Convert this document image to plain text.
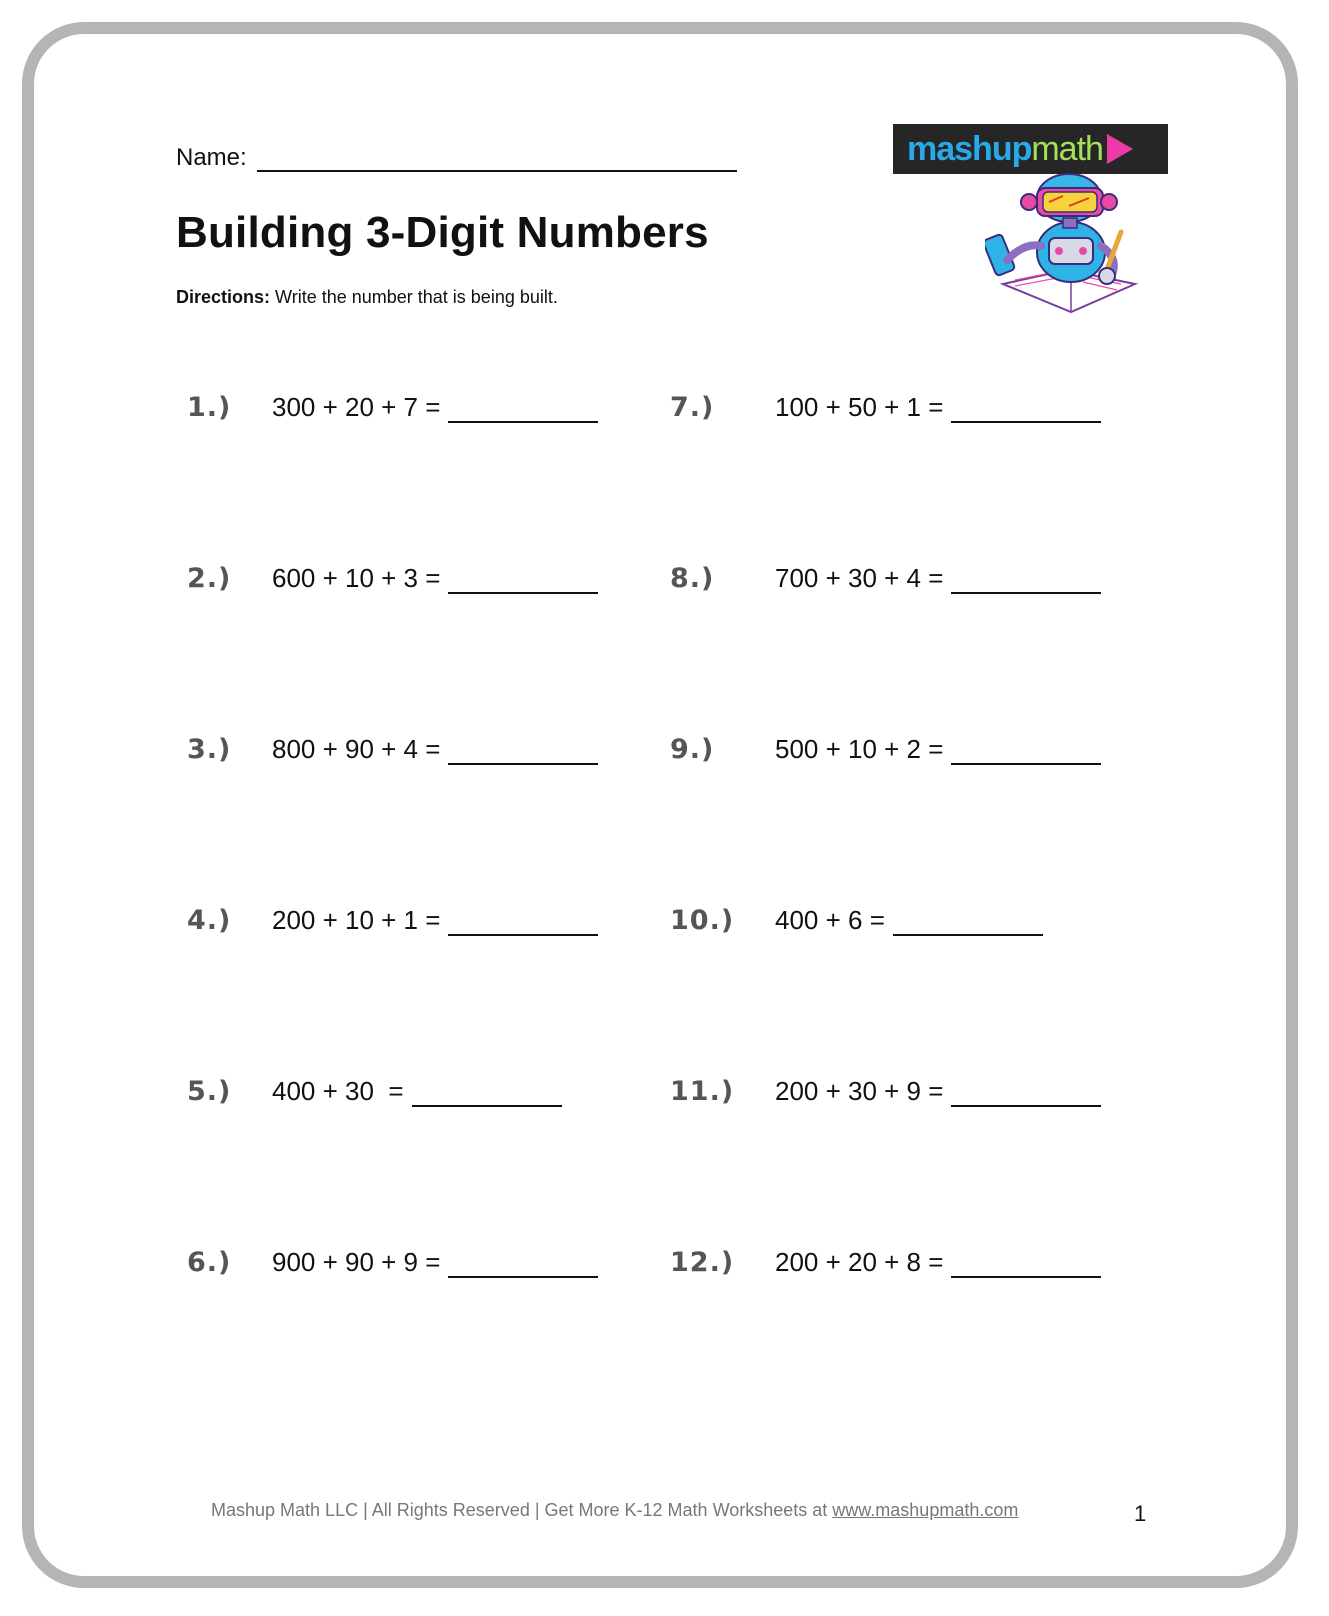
Name:
Building 3-Digit Numbers
Directions: Write the number that is being built.
mashupmath
1.) 300 + 20 + 7 =
2.) 600 + 10 + 3 =
3.) 800 + 90 + 4 =
4.) 200 + 10 + 1 =
5.) 400 + 30  =
6.) 900 + 90 + 9 =
7.) 100 + 50 + 1 =
8.) 700 + 30 + 4 =
9.) 500 + 10 + 2 =
10.) 400 + 6 =
11.) 200 + 30 + 9 =
12.) 200 + 20 + 8 =
Mashup Math LLC | All Rights Reserved | Get More K-12 Math Worksheets at www.mashupmath.com	1
